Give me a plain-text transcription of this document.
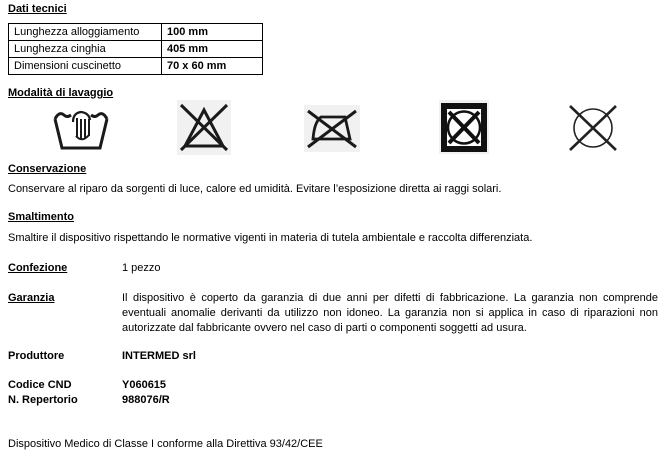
Dati tecnici
Lunghezza alloggiamento	100 mm
Lunghezza cinghia	405 mm
Dimensioni cuscinetto	70 x 60 mm
Modalità di lavaggio
Conservazione

Conservare al riparo da sorgenti di luce, calore ed umidità. Evitare l’esposizione diretta ai raggi solari.

Smaltimento

Smaltire il dispositivo rispettando le normative vigenti in materia di tutela ambientale e raccolta differenziata.

Confezione	1 pezzo
Garanzia	Il dispositivo è coperto da garanzia di due anni per difetti di fabbricazione. La garanzia non comprende eventuali anomalie derivanti da utilizzo non idoneo. La garanzia non si applica in caso di riparazioni non autorizzate dal fabbricante ovvero nel caso di parti o componenti soggetti ad usura.
Produttore	INTERMED srl
Codice CND	Y060615
N. Repertorio	988076/R
Dispositivo Medico di Classe I conforme alla Direttiva 93/42/CEE
